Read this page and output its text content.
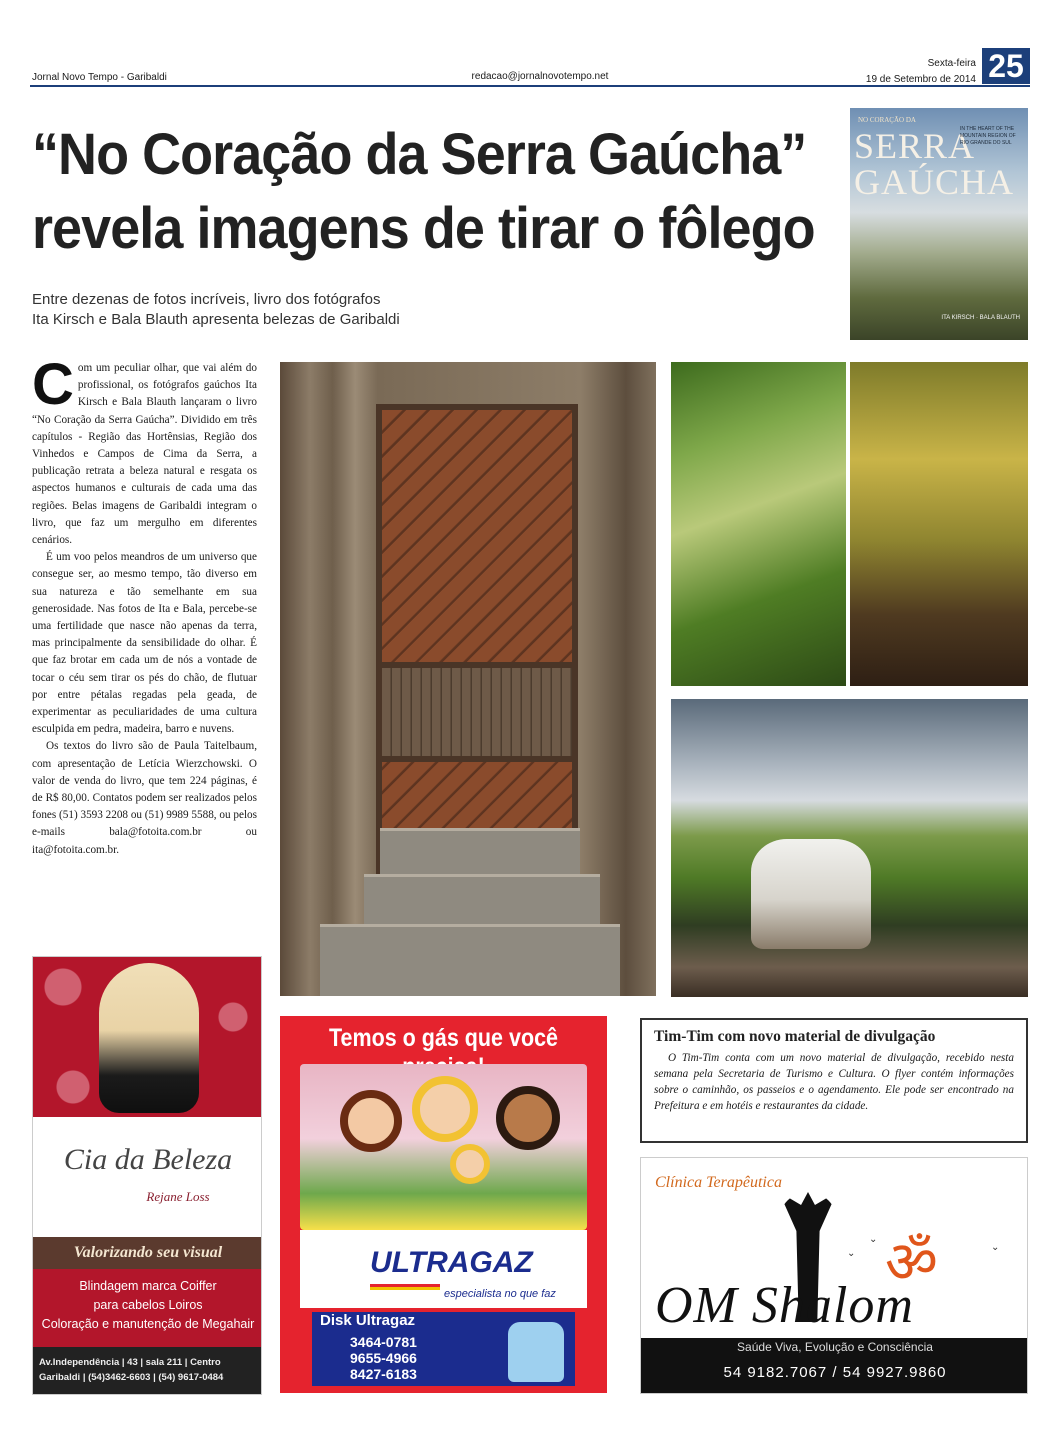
Jornal Novo Tempo - Garibaldi	redacao@jornalnovotempo.net
Sexta-feira
19 de Setembro de 2014 25
“No Coração da Serra Gaúcha”
revela imagens de tirar o fôlego
Entre dezenas de fotos incríveis, livro dos fotógrafos
Ita Kirsch e Bala Blauth apresenta belezas de Garibaldi
NO CORAÇÃO DA
SERRA GAÚCHA
IN THE HEART OF THE MOUNTAIN REGION OF RIO GRANDE DO SUL
ITA KIRSCH · BALA BLAUTH

Com um peculiar olhar, que vai além do profissional, os fotógrafos gaúchos Ita Kirsch e Bala Blauth lançaram o livro “No Coração da Serra Gaúcha”. Dividido em três capítulos - Região das Hortênsias, Região dos Vinhedos e Campos de Cima da Serra, a publicação retrata a beleza natural e resgata os aspectos humanos e culturais de cada uma das regiões. Belas imagens de Garibaldi integram o livro, que faz um mergulho em diferentes cenários.

É um voo pelos meandros de um universo que consegue ser, ao mesmo tempo, tão diverso em sua natureza e tão semelhante em sua generosidade. Nas fotos de Ita e Bala, percebe-se uma fertilidade que nasce não apenas da terra, mas principalmente da sensibilidade do olhar. É que faz brotar em cada um de nós a vontade de tocar o céu sem tirar os pés do chão, de flutuar por entre pétalas regadas pela geada, de experimentar as peculiaridades de uma cultura esculpida em pedra, madeira, barro e nuvens.

Os textos do livro são de Paula Taitelbaum, com apresentação de Letícia Wierzchowski. O valor de venda do livro, que tem 224 páginas, é de R$ 80,00. Contatos podem ser realizados pelos fones (51) 3593 2208 ou (51) 9989 5588, ou pelos e-mails bala@fotoita.com.br ou ita@fotoita.com.br.

Cia da Beleza
Rejane Loss
Valorizando seu visual
Blindagem marca Coiffer
para cabelos Loiros
Coloração e manutenção de Megahair
Av.Independência | 43 | sala 211 | Centro
Garibaldi | (54)3462-6603 | (54) 9617-0484
Temos o gás que você
ULTRAGAZ
especialista no que faz
Disk Ultragaz
3464-0781
9655-4966
8427-6183
Tim-Tim com novo material de divulgação
O Tim-Tim conta com um novo material de divulgação, recebido nesta semana pela Secretaria de Turismo e Cultura. O flyer contém informações sobre o caminhão, os passeios e o agendamento. Ele pode ser encontrado na Prefeitura e em hotéis e restaurantes da cidade.
Clínica Terapêutica
ॐ
⌄
⌄
⌄
OM Shalom
Saúde Viva, Evolução e Consciência
54 9182.7067 / 54 9927.9860
